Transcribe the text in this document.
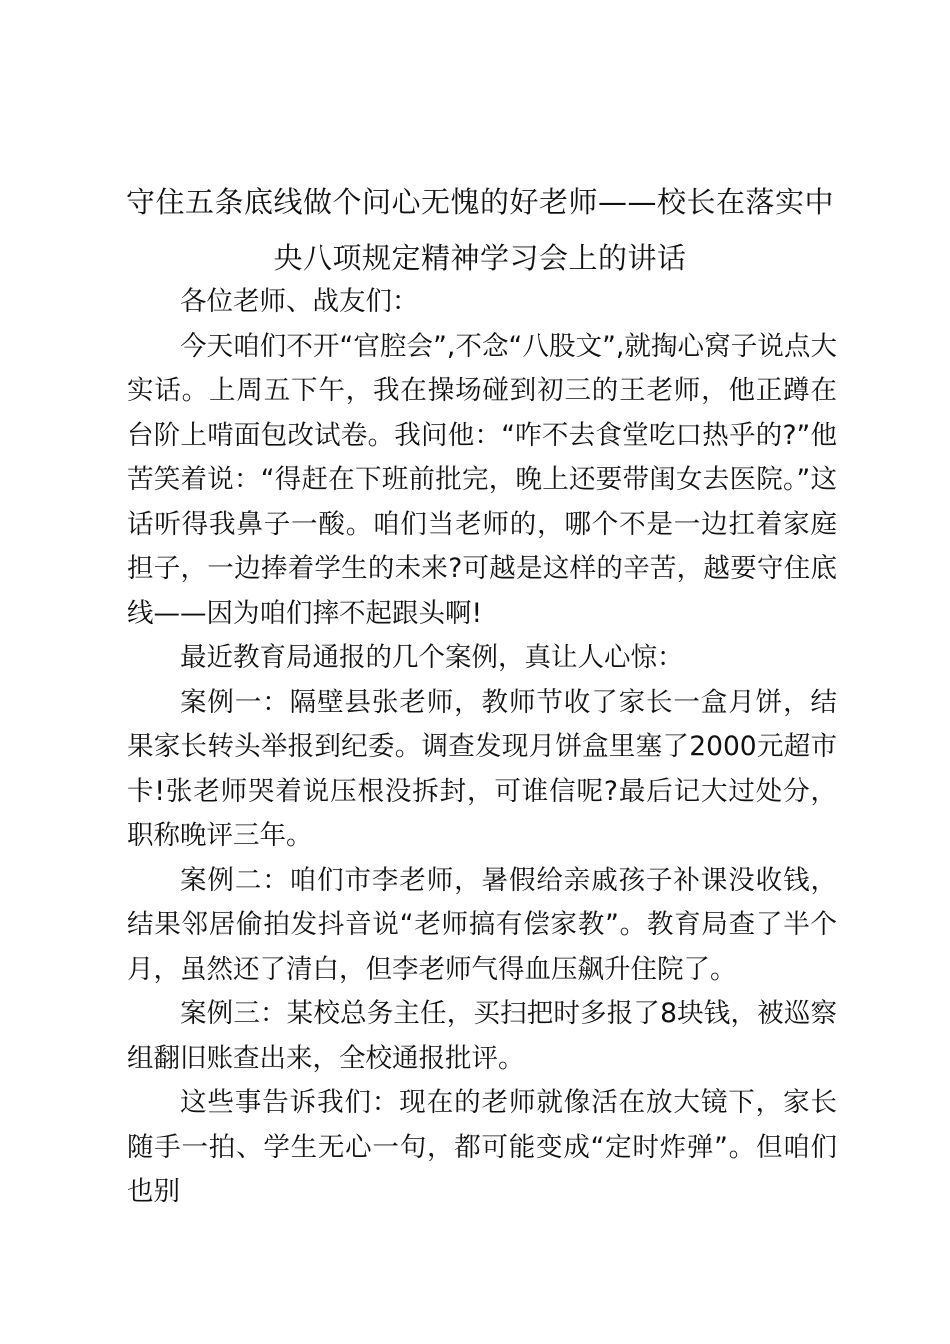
守住五条底线做个问心无愧的好老师——校长在落实中央八项规定精神学习会上的讲话

各位老师、战友们：

今天咱们不开“官腔会”,不念“八股文”,就掏心窝子说点大实话。上周五下午，我在操场碰到初三的王老师，他正蹲在台阶上啃面包改试卷。我问他：“咋不去食堂吃口热乎的?”他苦笑着说：“得赶在下班前批完，晚上还要带闺女去医院。”这话听得我鼻子一酸。咱们当老师的，哪个不是一边扛着家庭担子，一边捧着学生的未来?可越是这样的辛苦，越要守住底线——因为咱们摔不起跟头啊!

最近教育局通报的几个案例，真让人心惊：

案例一：隔壁县张老师，教师节收了家长一盒月饼，结果家长转头举报到纪委。调查发现月饼盒里塞了2000元超市卡!张老师哭着说压根没拆封，可谁信呢?最后记大过处分，职称晚评三年。

案例二：咱们市李老师，暑假给亲戚孩子补课没收钱，结果邻居偷拍发抖音说“老师搞有偿家教”。教育局查了半个月，虽然还了清白，但李老师气得血压飙升住院了。

案例三：某校总务主任，买扫把时多报了8块钱，被巡察组翻旧账查出来，全校通报批评。

这些事告诉我们：现在的老师就像活在放大镜下，家长随手一拍、学生无心一句，都可能变成“定时炸弹”。但咱们也别
